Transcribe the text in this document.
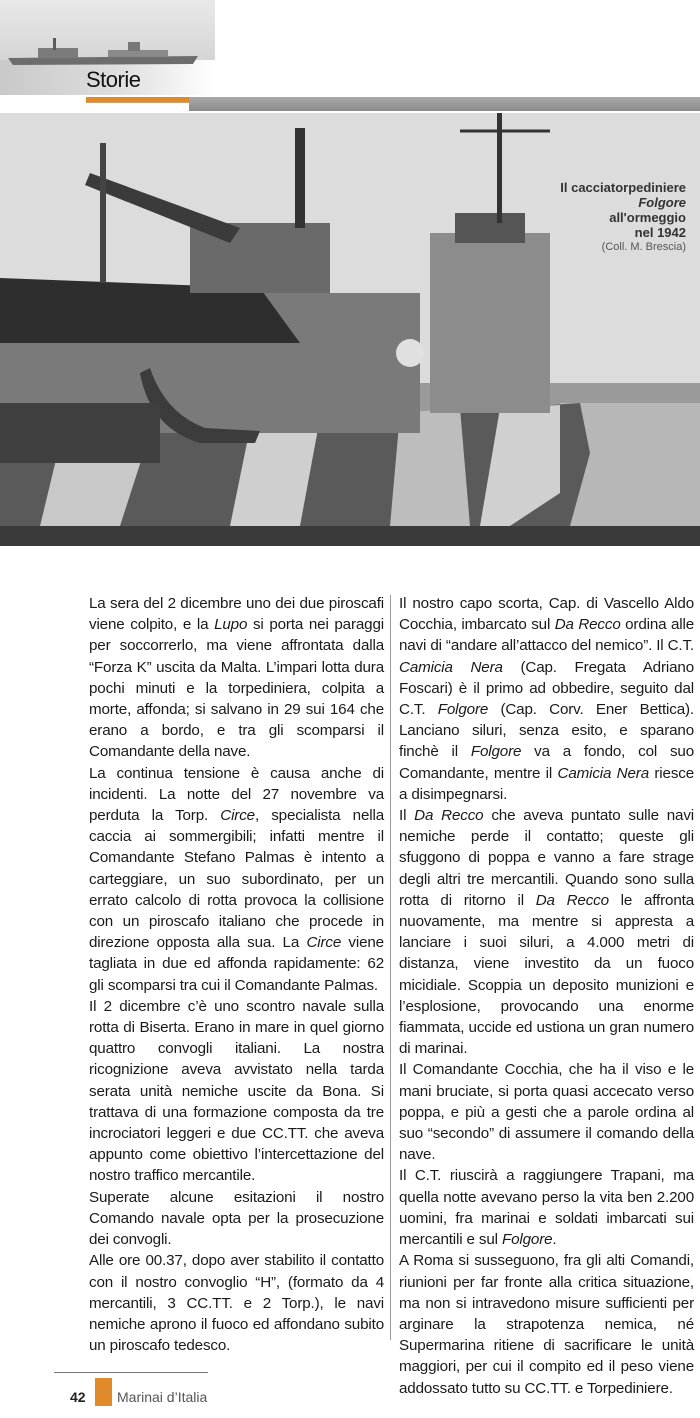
Storie
Il cacciatorpediniere
Folgore
all'ormeggio
nel 1942
(Coll. M. Brescia)

La sera del 2 dicembre uno dei due piroscafi viene colpito, e la Lupo si porta nei paraggi per soccorrerlo, ma viene affrontata dalla “Forza K” uscita da Malta. L’impari lotta dura pochi minuti e la torpediniera, colpita a morte, affonda; si salvano in 29 sui 164 che erano a bordo, e tra gli scomparsi il Comandante della nave.

La continua tensione è causa anche di incidenti. La notte del 27 novembre va perduta la Torp. Circe, specialista nella caccia ai sommergibili; infatti mentre il Comandante Stefano Palmas è intento a carteggiare, un suo subordinato, per un errato calcolo di rotta provoca la collisione con un piroscafo italiano che procede in direzione opposta alla sua. La Circe viene tagliata in due ed affonda rapidamente: 62 gli scomparsi tra cui il Comandante Palmas.

Il 2 dicembre c’è uno scontro navale sulla rotta di Biserta. Erano in mare in quel giorno quattro convogli italiani. La nostra ricognizione aveva avvistato nella tarda serata unità nemiche uscite da Bona. Si trattava di una formazione composta da tre incrociatori leggeri e due CC.TT. che aveva appunto come obiettivo l’intercettazione del nostro traffico mercantile.

Superate alcune esitazioni il nostro Comando navale opta per la prosecuzione dei convogli.

Alle ore 00.37, dopo aver stabilito il contatto con il nostro convoglio “H”, (formato da 4 mercantili, 3 CC.TT. e 2 Torp.), le navi nemiche aprono il fuoco ed affondano subito un piroscafo tedesco.

Il nostro capo scorta, Cap. di Vascello Aldo Cocchia, imbarcato sul Da Recco ordina alle navi di “andare all’attacco del nemico”. Il C.T. Camicia Nera (Cap. Fregata Adriano Foscari) è il primo ad obbedire, seguito dal C.T. Folgore (Cap. Corv. Ener Bettica). Lanciano siluri, senza esito, e sparano finchè il Folgore va a fondo, col suo Comandante, mentre il Camicia Nera riesce a disimpegnarsi.

Il Da Recco che aveva puntato sulle navi nemiche perde il contatto; queste gli sfuggono di poppa e vanno a fare strage degli altri tre mercantili. Quando sono sulla rotta di ritorno il Da Recco le affronta nuovamente, ma mentre si appresta a lanciare i suoi siluri, a 4.000 metri di distanza, viene investito da un fuoco micidiale. Scoppia un deposito munizioni e l’esplosione, provocando una enorme fiammata, uccide ed ustiona un gran numero di marinai.

Il Comandante Cocchia, che ha il viso e le mani bruciate, si porta quasi accecato verso poppa, e più a gesti che a parole ordina al suo “secondo” di assumere il comando della nave.

Il C.T. riuscirà a raggiungere Trapani, ma quella notte avevano perso la vita ben 2.200 uomini, fra marinai e soldati imbarcati sui mercantili e sul Folgore.

A Roma si susseguono, fra gli alti Comandi, riunioni per far fronte alla critica situazione, ma non si intravedono misure sufficienti per arginare la strapotenza nemica, né Supermarina ritiene di sacrificare le unità maggiori, per cui il compito ed il peso viene addossato tutto su CC.TT. e Torpediniere.

42 Marinai d’Italia
